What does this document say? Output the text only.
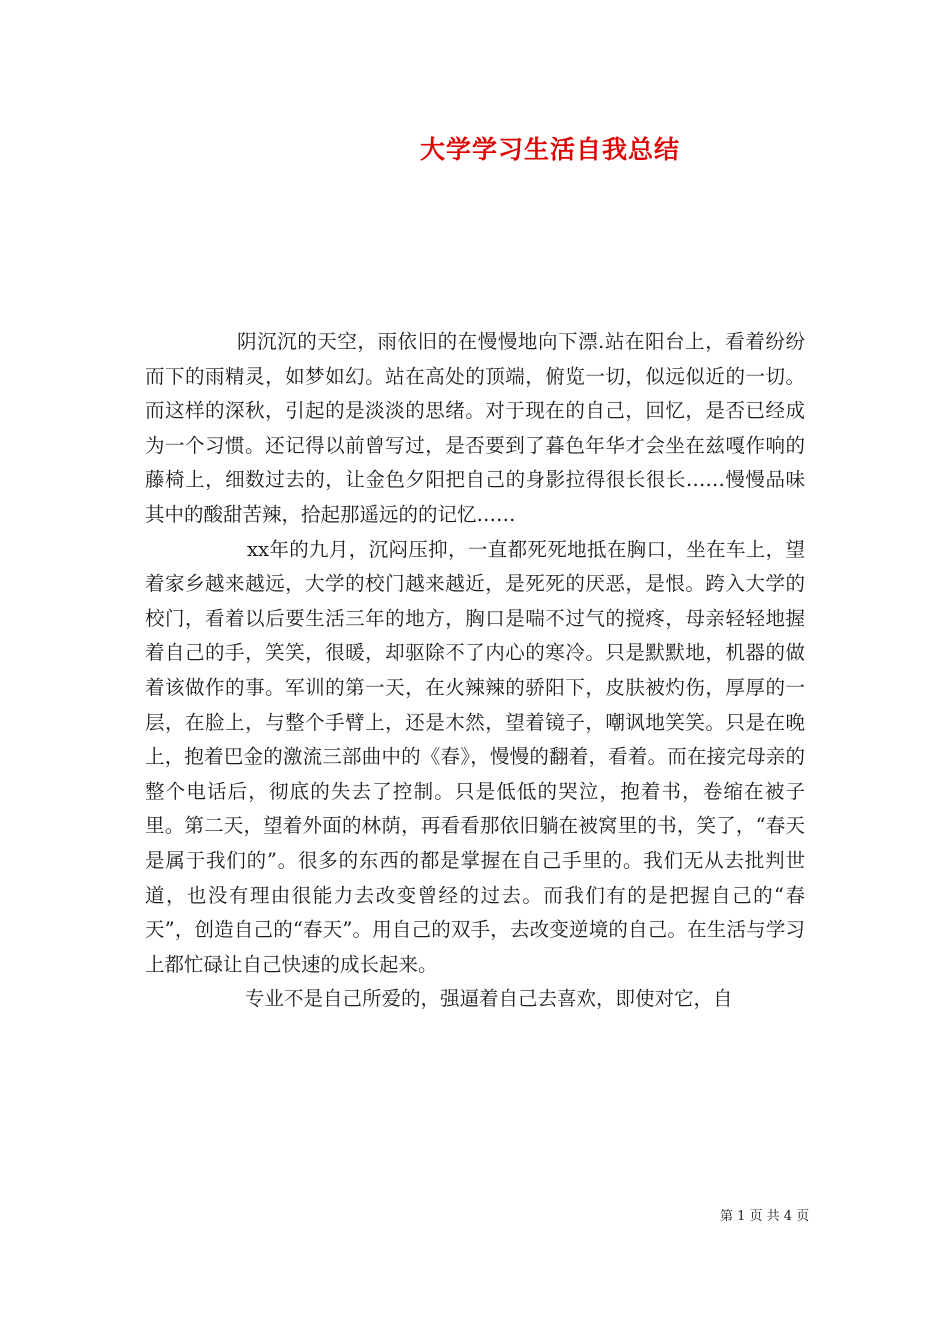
大学学习生活自我总结

阴沉沉的天空，雨依旧的在慢慢地向下漂.站在阳台上，看着纷纷而下的雨精灵，如梦如幻。站在高处的顶端，俯览一切，似远似近的一切。而这样的深秋，引起的是淡淡的思绪。对于现在的自己，回忆，是否已经成为一个习惯。还记得以前曾写过，是否要到了暮色年华才会坐在兹嘎作响的藤椅上，细数过去的，让金色夕阳把自己的身影拉得很长很长……慢慢品味其中的酸甜苦辣，拾起那遥远的的记忆……

xx年的九月，沉闷压抑，一直都死死地抵在胸口，坐在车上，望着家乡越来越远，大学的校门越来越近，是死死的厌恶，是恨。跨入大学的校门，看着以后要生活三年的地方，胸口是喘不过气的搅疼，母亲轻轻地握着自己的手，笑笑，很暖，却驱除不了内心的寒冷。只是默默地，机器的做着该做作的事。军训的第一天，在火辣辣的骄阳下，皮肤被灼伤，厚厚的一层，在脸上，与整个手臂上，还是木然，望着镜子，嘲讽地笑笑。只是在晚上，抱着巴金的激流三部曲中的《春》，慢慢的翻着，看着。而在接完母亲的整个电话后，彻底的失去了控制。只是低低的哭泣，抱着书，卷缩在被子里。第二天，望着外面的林荫，再看看那依旧躺在被窝里的书，笑了，“春天是属于我们的”。很多的东西的都是掌握在自己手里的。我们无从去批判世道，也没有理由很能力去改变曾经的过去。而我们有的是把握自己的“春天”，创造自己的“春天”。用自己的双手，去改变逆境的自己。在生活与学习上都忙碌让自己快速的成长起来。

专业不是自己所爱的，强逼着自己去喜欢，即使对它，自

第 1 页 共 4 页
